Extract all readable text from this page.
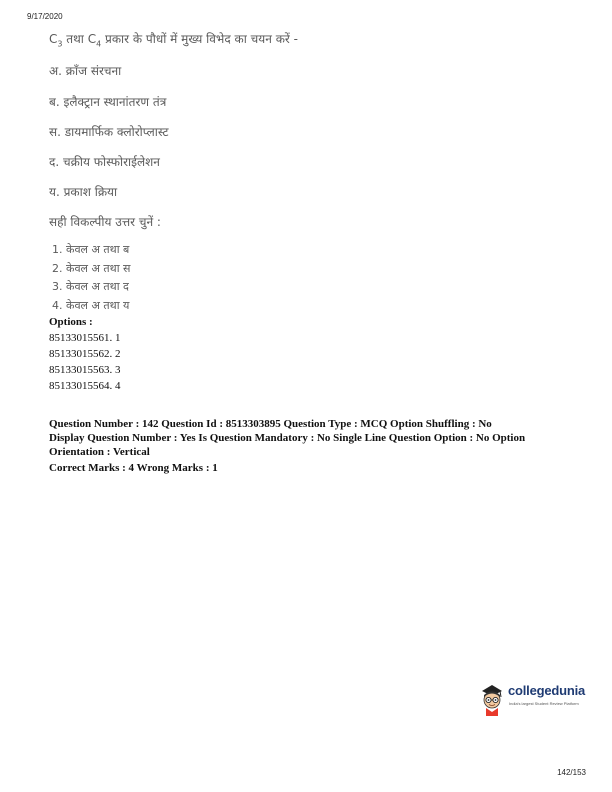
9/17/2020
$C_3$ तथा $C_4$ प्रकार के पौधों में मुख्य विभेद का चयन करें -
अ. क्रॉंज संरचना
ब. इलैक्ट्रान स्थानांतरण तंत्र
स. डायमार्फिक क्लोरोप्लास्ट
द. चक्रीय फोस्फोराईलेशन
य. प्रकाश क्रिया
सही विकल्पीय उत्तर चुनें :
1. केवल अ तथा ब
2. केवल अ तथा स
3. केवल अ तथा द
4. केवल अ तथा य
Options :
85133015561. 1
85133015562. 2
85133015563. 3
85133015564. 4
Question Number : 142 Question Id : 8513303895 Question Type : MCQ Option Shuffling : No
Display Question Number : Yes Is Question Mandatory : No Single Line Question Option : No Option
Orientation : Vertical
Correct Marks : 4 Wrong Marks : 1
collegedunia
India's largest Student Review Platform
142/153
